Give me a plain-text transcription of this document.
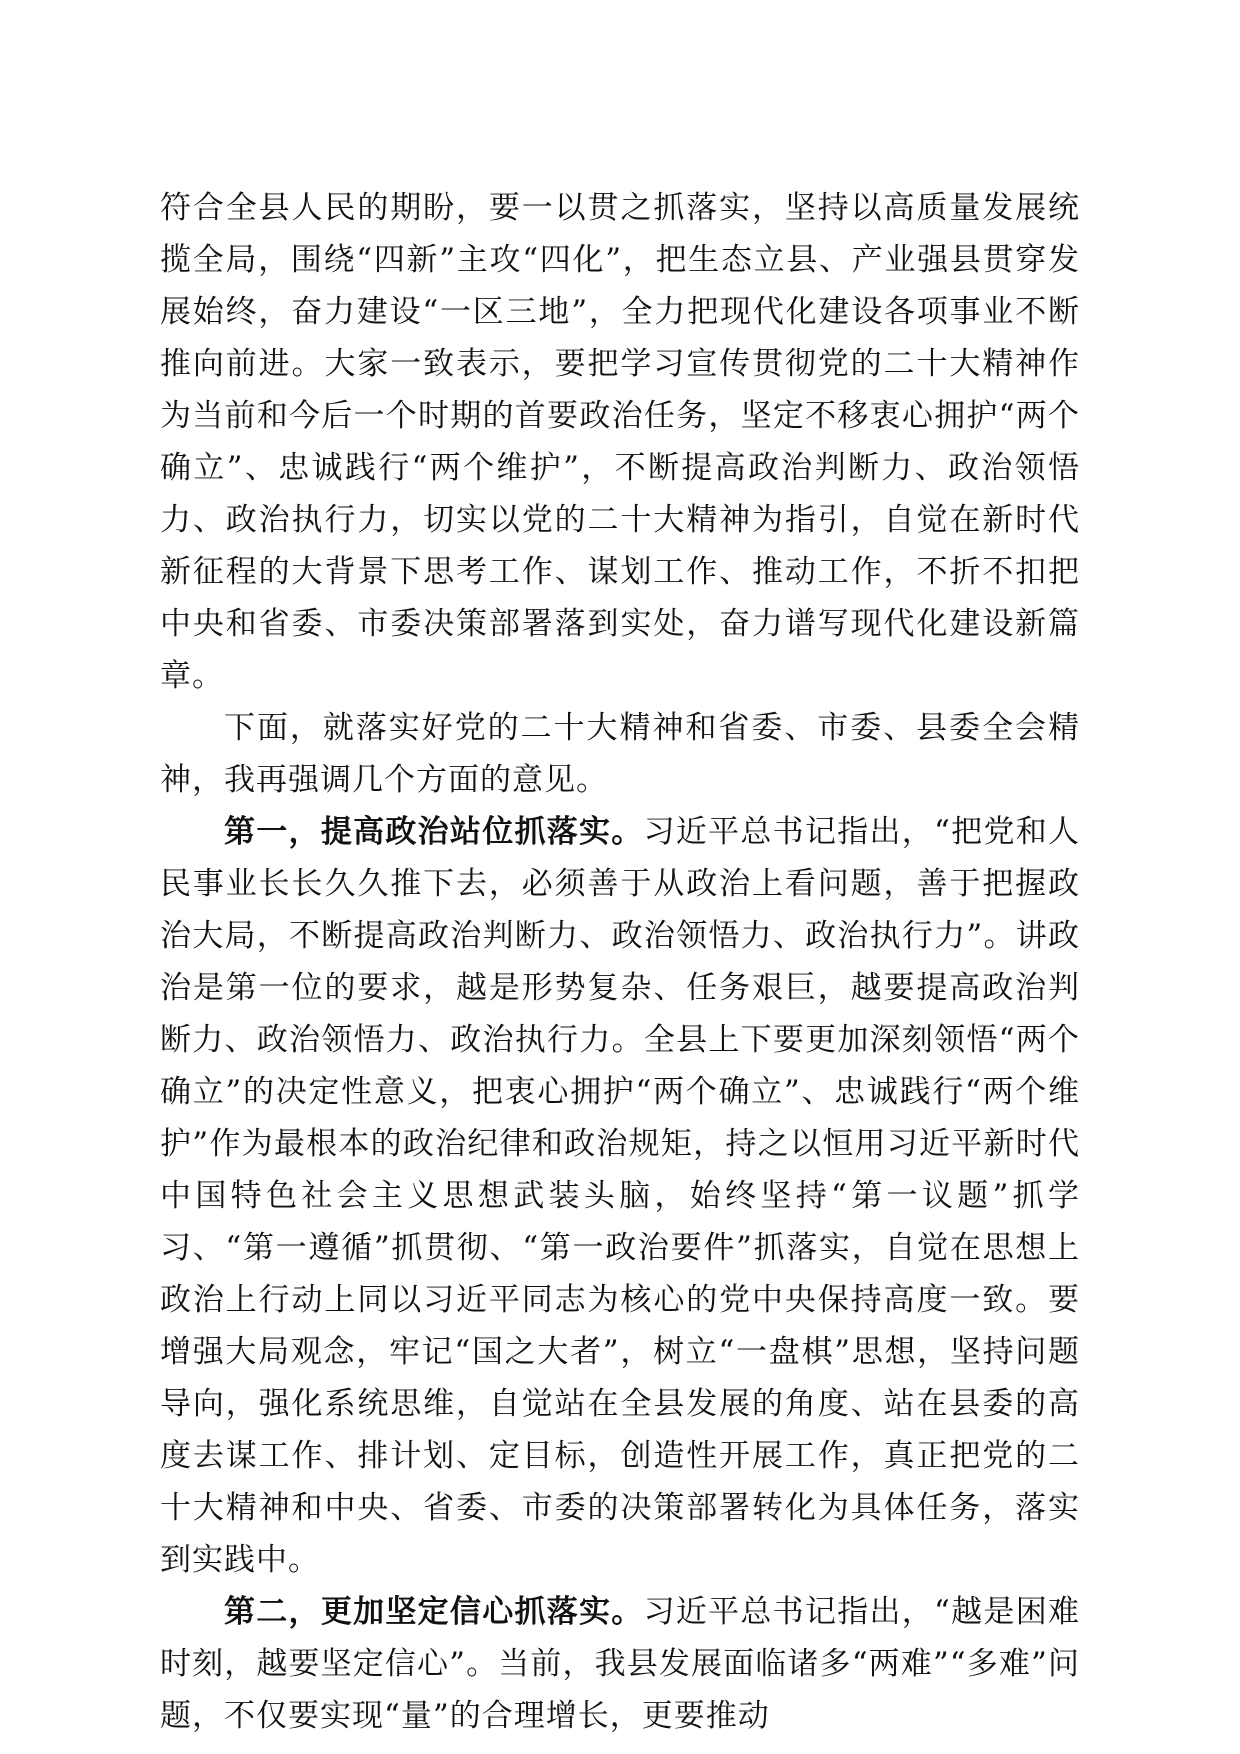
符合全县人民的期盼，要一以贯之抓落实，坚持以高质量发展统揽全局，围绕“四新”主攻“四化”，把生态立县、产业强县贯穿发展始终，奋力建设“一区三地”，全力把现代化建设各项事业不断推向前进。大家一致表示，要把学习宣传贯彻党的二十大精神作为当前和今后一个时期的首要政治任务，坚定不移衷心拥护“两个确立”、忠诚践行“两个维护”，不断提高政治判断力、政治领悟力、政治执行力，切实以党的二十大精神为指引，自觉在新时代新征程的大背景下思考工作、谋划工作、推动工作，不折不扣把中央和省委、市委决策部署落到实处，奋力谱写现代化建设新篇章。

下面，就落实好党的二十大精神和省委、市委、县委全会精神，我再强调几个方面的意见。

第一，提高政治站位抓落实。习近平总书记指出，“把党和人民事业长长久久推下去，必须善于从政治上看问题，善于把握政治大局，不断提高政治判断力、政治领悟力、政治执行力”。讲政治是第一位的要求，越是形势复杂、任务艰巨，越要提高政治判断力、政治领悟力、政治执行力。全县上下要更加深刻领悟“两个确立”的决定性意义，把衷心拥护“两个确立”、忠诚践行“两个维护”作为最根本的政治纪律和政治规矩，持之以恒用习近平新时代中国特色社会主义思想武装头脑，始终坚持“第一议题”抓学习、“第一遵循”抓贯彻、“第一政治要件”抓落实，自觉在思想上政治上行动上同以习近平同志为核心的党中央保持高度一致。要增强大局观念，牢记“国之大者”，树立“一盘棋”思想，坚持问题导向，强化系统思维，自觉站在全县发展的角度、站在县委的高度去谋工作、排计划、定目标，创造性开展工作，真正把党的二十大精神和中央、省委、市委的决策部署转化为具体任务，落实到实践中。

第二，更加坚定信心抓落实。习近平总书记指出，“越是困难时刻，越要坚定信心”。当前，我县发展面临诸多“两难”“多难”问题，不仅要实现“量”的合理增长，更要推动
